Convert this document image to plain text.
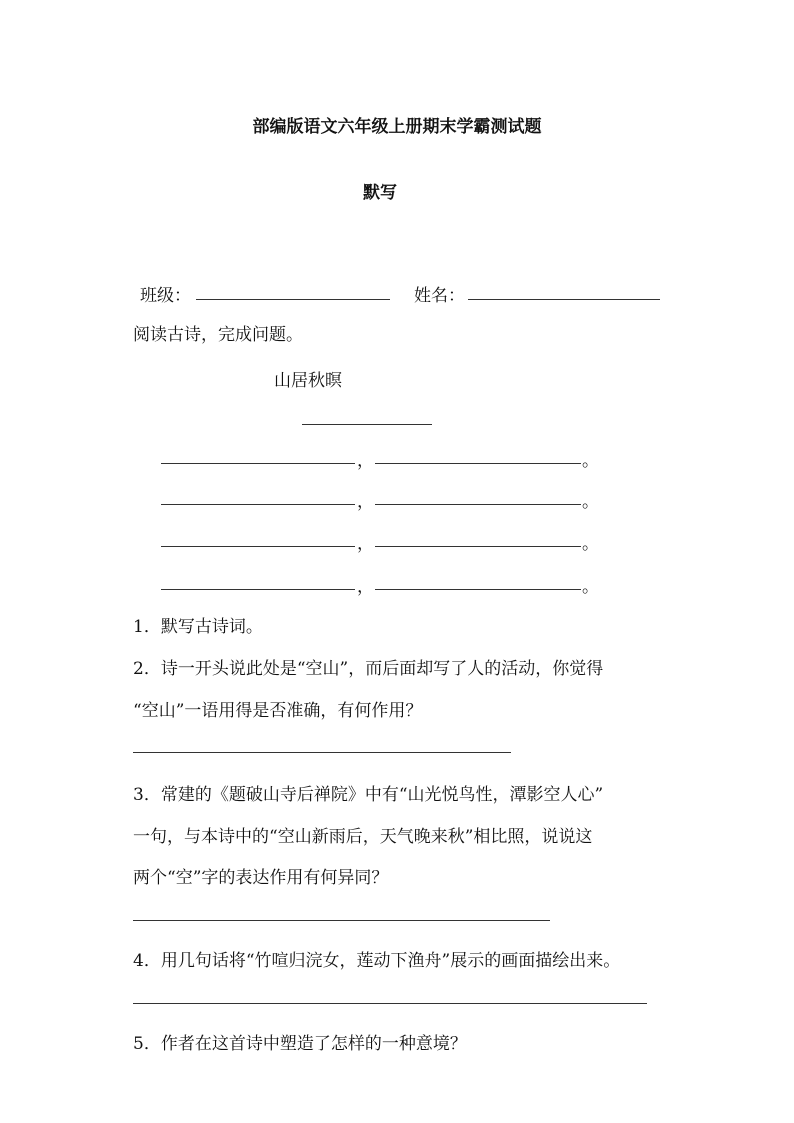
部编版语文六年级上册期末学霸测试题
默写
班级：	姓名：
阅读古诗，完成问题。
山居秋暝
，	。
，	。
，	。
，	。
1．默写古诗词。
2．诗一开头说此处是“空山”，而后面却写了人的活动，你觉得
“空山”一语用得是否准确，有何作用？
3．常建的《题破山寺后禅院》中有“山光悦鸟性，潭影空人心”
一句，与本诗中的“空山新雨后，天气晚来秋”相比照，说说这
两个“空”字的表达作用有何异同？
4．用几句话将“竹喧归浣女，莲动下渔舟”展示的画面描绘出来。
5．作者在这首诗中塑造了怎样的一种意境？
